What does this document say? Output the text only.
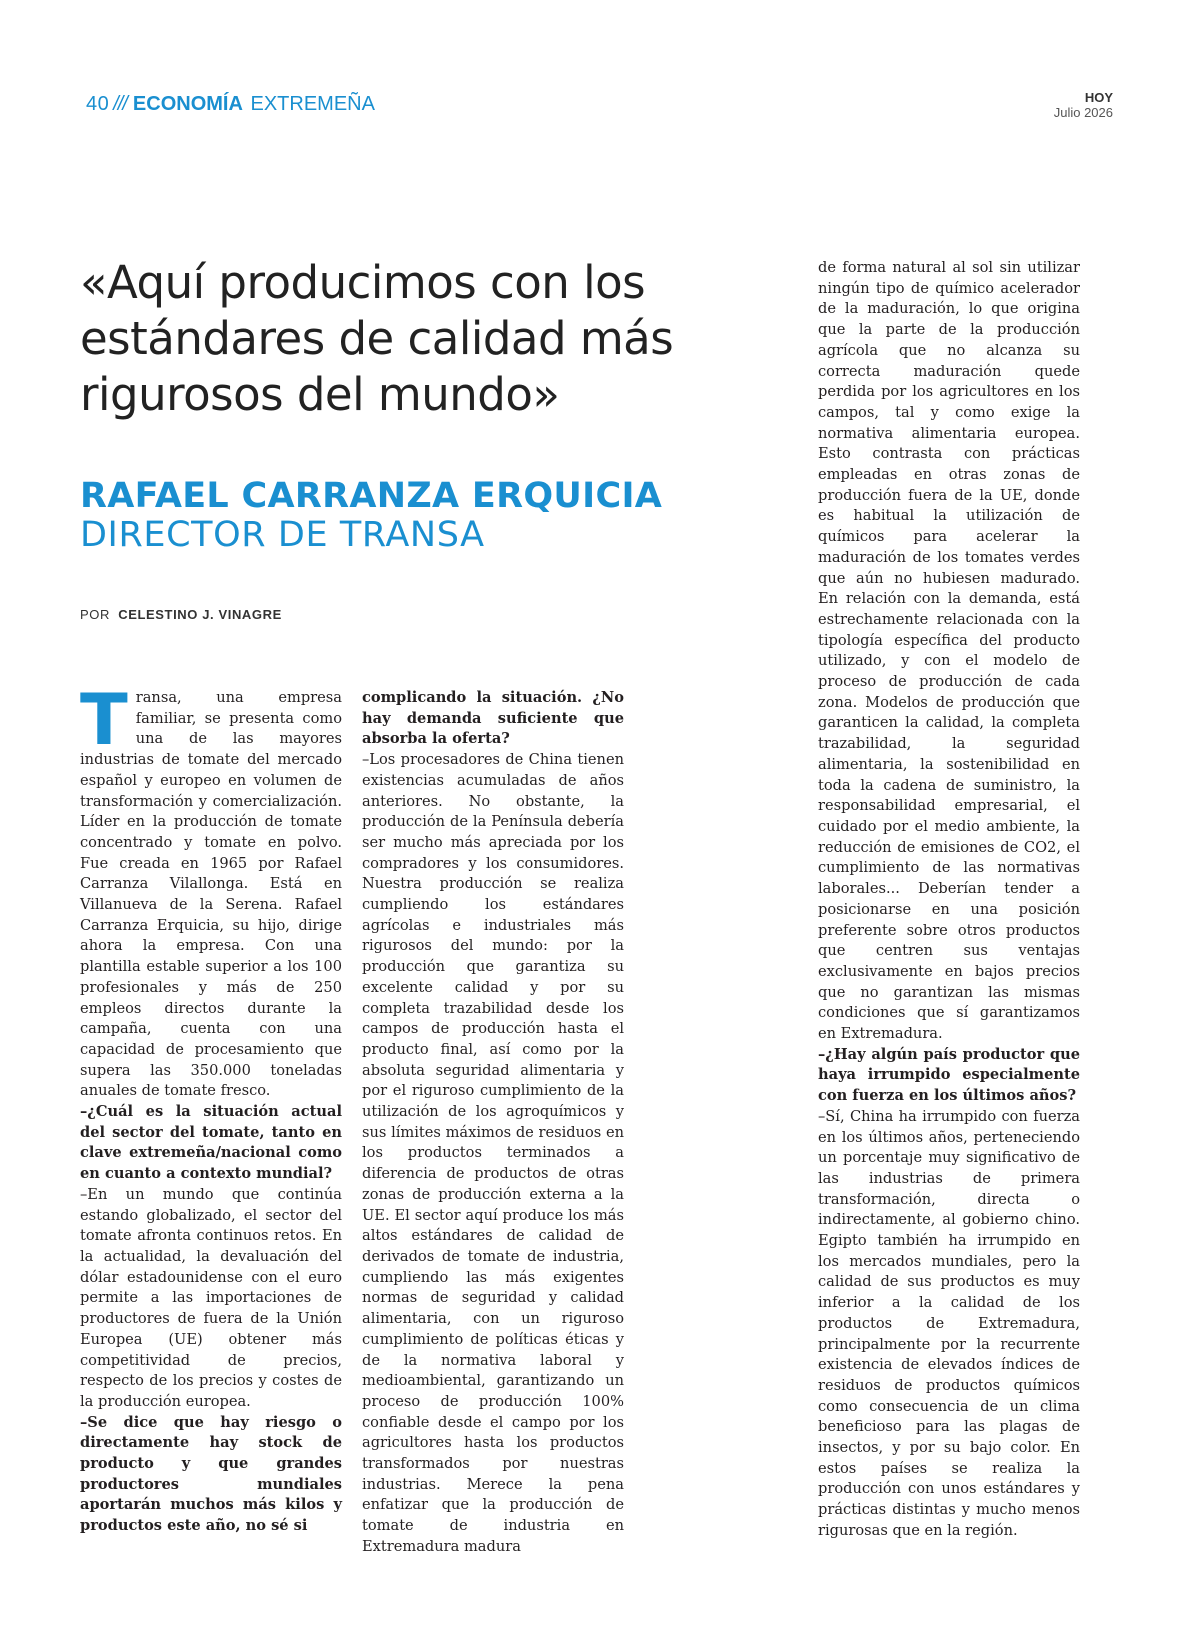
40 /// ECONOMÍA EXTREMEÑA	HOY
Julio 2026
«Aquí producimos con los estándares de calidad más rigurosos del mundo»
RAFAEL CARRANZA ERQUICIA
DIRECTOR DE TRANSA
POR CELESTINO J. VINAGRE

Transa, una empresa familiar, se presenta como una de las mayores industrias de tomate del mercado español y europeo en volumen de transformación y comercialización. Líder en la producción de tomate concentrado y tomate en polvo. Fue creada en 1965 por Rafael Carranza Vilallonga. Está en Villanueva de la Serena. Rafael Carranza Erquicia, su hijo, dirige ahora la empresa. Con una plantilla estable superior a los 100 profesionales y más de 250 empleos directos durante la campaña, cuenta con una capacidad de procesamiento que supera las 350.000 toneladas anuales de tomate fresco.

–¿Cuál es la situación actual del sector del tomate, tanto en clave extremeña/nacional como en cuanto a contexto mundial?

–En un mundo que continúa estando globalizado, el sector del tomate afronta continuos retos. En la actualidad, la devaluación del dólar estadounidense con el euro permite a las importaciones de productores de fuera de la Unión Europea (UE) obtener más competitividad de precios, respecto de los precios y costes de la producción europea.

–Se dice que hay riesgo o directamente hay stock de producto y que grandes productores mundiales aportarán muchos más kilos y productos este año, no sé si

complicando la situación. ¿No hay demanda suficiente que absorba la oferta?

–Los procesadores de China tienen existencias acumuladas de años anteriores. No obstante, la producción de la Península debería ser mucho más apreciada por los compradores y los consumidores. Nuestra producción se realiza cumpliendo los estándares agrícolas e industriales más rigurosos del mundo: por la producción que garantiza su excelente calidad y por su completa trazabilidad desde los campos de producción hasta el producto final, así como por la absoluta seguridad alimentaria y por el riguroso cumplimiento de la utilización de los agroquímicos y sus límites máximos de residuos en los productos terminados a diferencia de productos de otras zonas de producción externa a la UE. El sector aquí produce los más altos estándares de calidad de derivados de tomate de industria, cumpliendo las más exigentes normas de seguridad y calidad alimentaria, con un riguroso cumplimiento de políticas éticas y de la normativa laboral y medioambiental, garantizando un proceso de producción 100% confiable desde el campo por los agricultores hasta los productos transformados por nuestras industrias. Merece la pena enfatizar que la producción de tomate de industria en Extremadura madura

de forma natural al sol sin utilizar ningún tipo de químico acelerador de la maduración, lo que origina que la parte de la producción agrícola que no alcanza su correcta maduración quede perdida por los agricultores en los campos, tal y como exige la normativa alimentaria europea. Esto contrasta con prácticas empleadas en otras zonas de producción fuera de la UE, donde es habitual la utilización de químicos para acelerar la maduración de los tomates verdes que aún no hubiesen madurado. En relación con la demanda, está estrechamente relacionada con la tipología específica del producto utilizado, y con el modelo de proceso de producción de cada zona. Modelos de producción que garanticen la calidad, la completa trazabilidad, la seguridad alimentaria, la sostenibilidad en toda la cadena de suministro, la responsabilidad empresarial, el cuidado por el medio ambiente, la reducción de emisiones de CO2, el cumplimiento de las normativas laborales... Deberían tender a posicionarse en una posición preferente sobre otros productos que centren sus ventajas exclusivamente en bajos precios que no garantizan las mismas condiciones que sí garantizamos en Extremadura.

–¿Hay algún país productor que haya irrumpido especialmente con fuerza en los últimos años?

–Sí, China ha irrumpido con fuerza en los últimos años, perteneciendo un porcentaje muy significativo de las industrias de primera transformación, directa o indirectamente, al gobierno chino. Egipto también ha irrumpido en los mercados mundiales, pero la calidad de sus productos es muy inferior a la calidad de los productos de Extremadura, principalmente por la recurrente existencia de elevados índices de residuos de productos químicos como consecuencia de un clima beneficioso para las plagas de insectos, y por su bajo color. En estos países se realiza la producción con unos estándares y prácticas distintas y mucho menos rigurosas que en la región.
